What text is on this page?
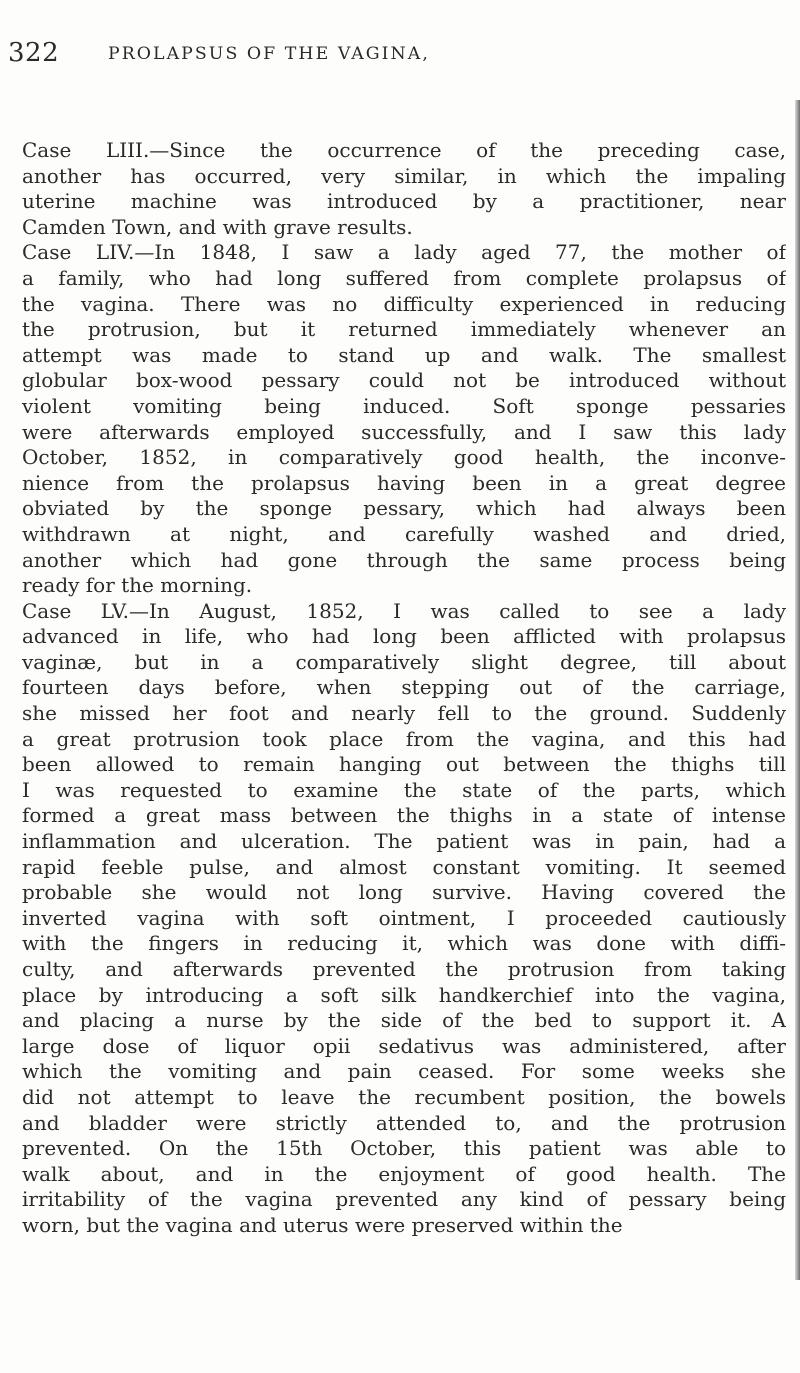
322	PROLAPSUS OF THE VAGINA,
Case LIII.—Since the occurrence of the preceding case,
another has occurred, very similar, in which the impaling
uterine machine was introduced by a practitioner, near
Camden Town, and with grave results.
Case LIV.—In 1848, I saw a lady aged 77, the mother of
a family, who had long suffered from complete prolapsus of
the vagina. There was no difficulty experienced in reducing
the protrusion, but it returned immediately whenever an
attempt was made to stand up and walk. The smallest
globular box-wood pessary could not be introduced without
violent vomiting being induced. Soft sponge pessaries
were afterwards employed successfully, and I saw this lady
October, 1852, in comparatively good health, the inconve-
nience from the prolapsus having been in a great degree
obviated by the sponge pessary, which had always been
withdrawn at night, and carefully washed and dried,
another which had gone through the same process being
ready for the morning.
Case LV.—In August, 1852, I was called to see a lady
advanced in life, who had long been afflicted with prolapsus
vaginæ, but in a comparatively slight degree, till about
fourteen days before, when stepping out of the carriage,
she missed her foot and nearly fell to the ground. Suddenly
a great protrusion took place from the vagina, and this had
been allowed to remain hanging out between the thighs till
I was requested to examine the state of the parts, which
formed a great mass between the thighs in a state of intense
inflammation and ulceration. The patient was in pain, had a
rapid feeble pulse, and almost constant vomiting. It seemed
probable she would not long survive. Having covered the
inverted vagina with soft ointment, I proceeded cautiously
with the fingers in reducing it, which was done with diffi-
culty, and afterwards prevented the protrusion from taking
place by introducing a soft silk handkerchief into the vagina,
and placing a nurse by the side of the bed to support it. A
large dose of liquor opii sedativus was administered, after
which the vomiting and pain ceased. For some weeks she
did not attempt to leave the recumbent position, the bowels
and bladder were strictly attended to, and the protrusion
prevented. On the 15th October, this patient was able to
walk about, and in the enjoyment of good health. The
irritability of the vagina prevented any kind of pessary being
worn, but the vagina and uterus were preserved within the
